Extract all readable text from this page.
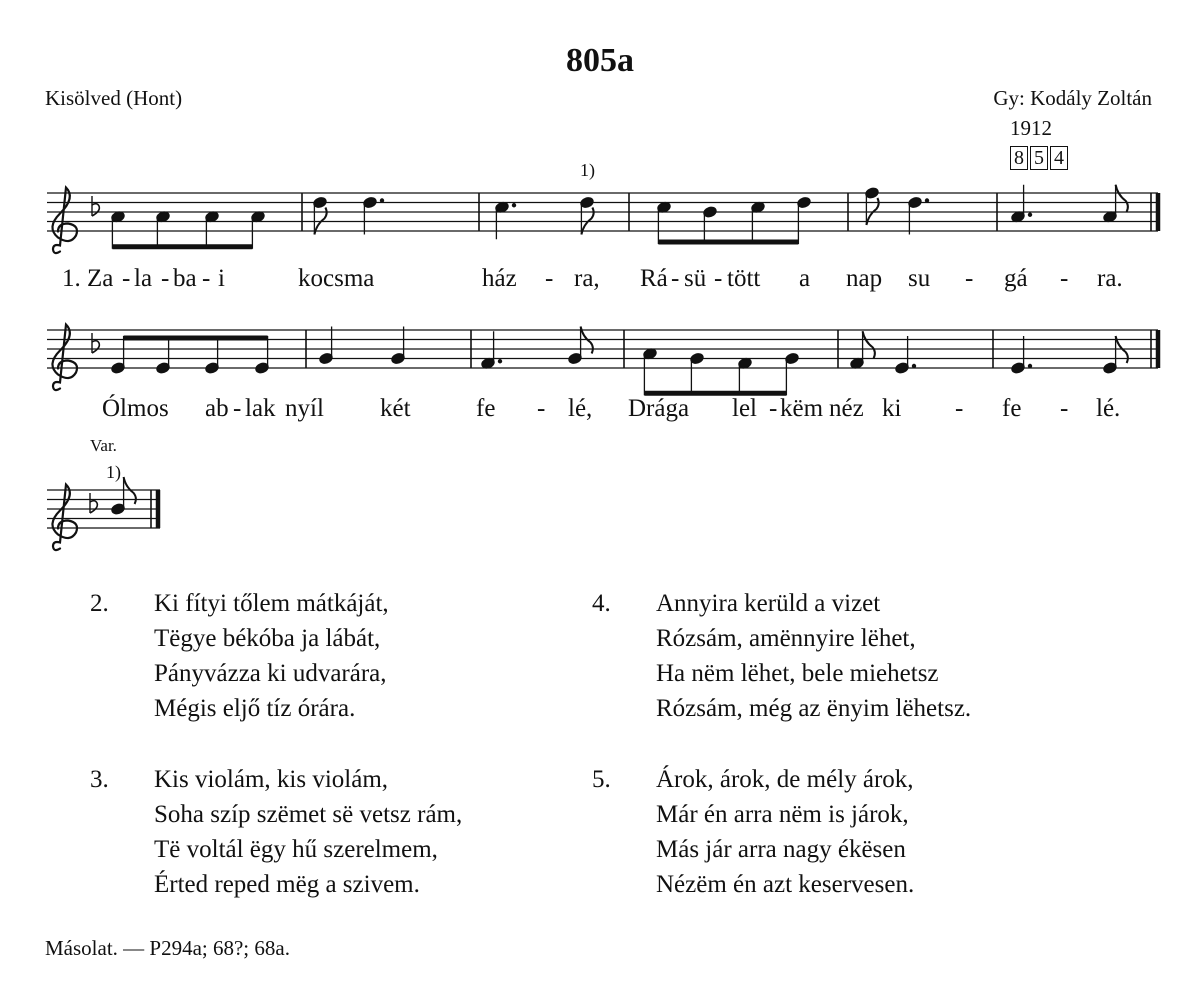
805a
Kisölved (Hont)	Gy: Kodály Zoltán
1912
8 5 4
1)
Var.
1)
1. Za - la - ba - i	kocsma	ház - ra, Rá - sü - tött a nap su - gá - ra.
Ólmos ab - lak nyíl két	fe - lé, Drága lel - këm néz ki - fe - lé.
2. Ki fítyi tőlem mátkáját,
Tëgye békóba ja lábát,
Pányvázza ki udvarára,
Mégis eljő tíz órára.
3. Kis violám, kis violám,
Soha szíp szëmet së vetsz rám,
Të voltál ëgy hű szerelmem,
Érted reped mëg a szivem.
4. Annyira kerüld a vizet
Rózsám, amënnyire lëhet,
Ha nëm lëhet, bele miehetsz
Rózsám, még az ënyim lëhetsz.
5. Árok, árok, de mély árok,
Már én arra nëm is járok,
Más jár arra nagy ékësen
Nézëm én azt keservesen.
Másolat. — P294a; 68?; 68a.
